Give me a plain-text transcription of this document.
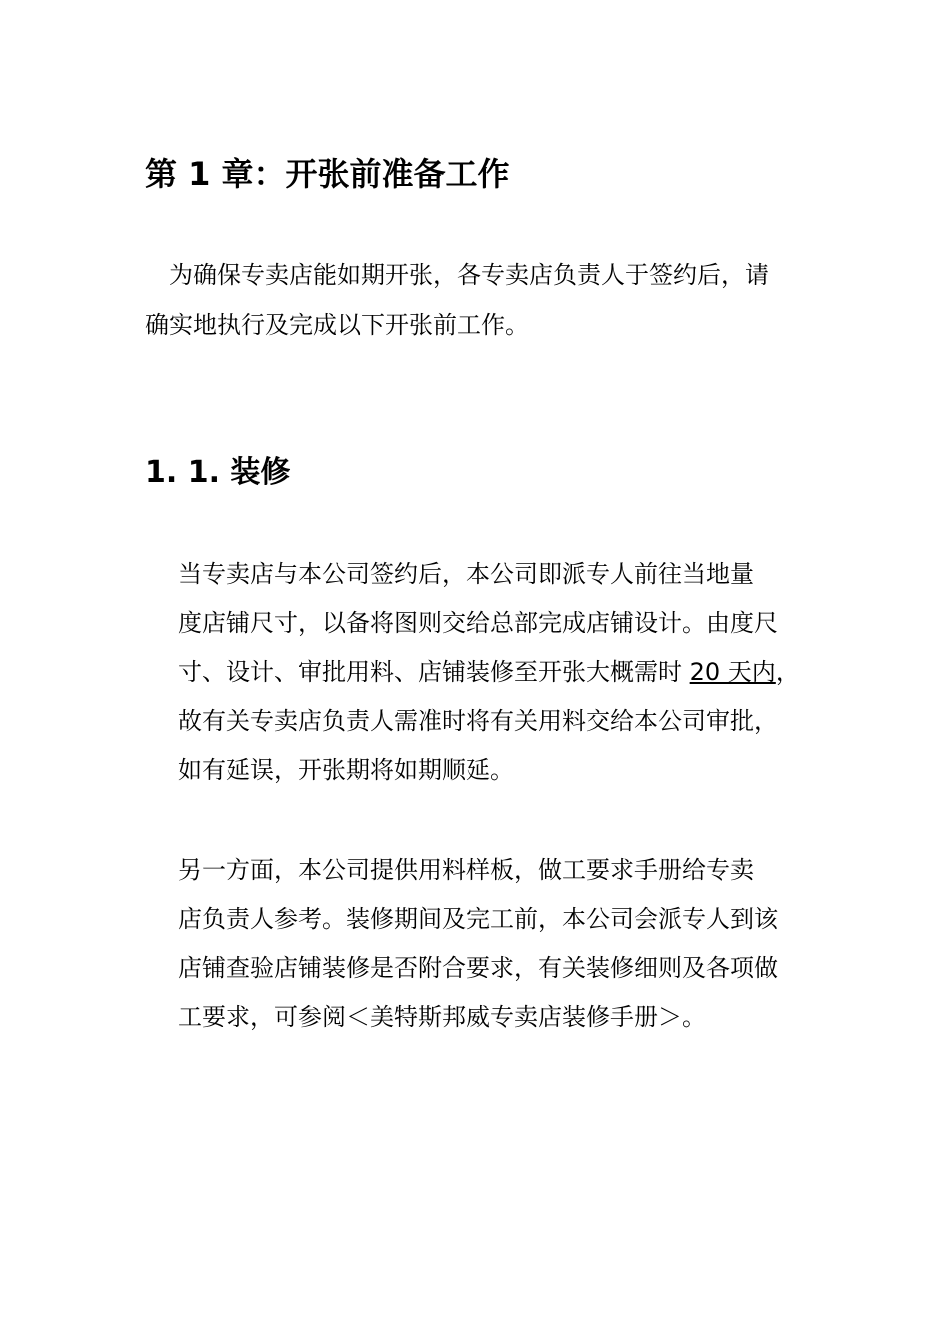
第 1 章：开张前准备工作

　为确保专卖店能如期开张，各专卖店负责人于签约后，请
确实地执行及完成以下开张前工作。

1. 1. 装修

当专卖店与本公司签约后，本公司即派专人前往当地量
度店铺尺寸，以备将图则交给总部完成店铺设计。由度尺
寸、设计、审批用料、店铺装修至开张大概需时 20 天内，
故有关专卖店负责人需准时将有关用料交给本公司审批，
如有延误，开张期将如期顺延。

另一方面，本公司提供用料样板，做工要求手册给专卖
店负责人参考。装修期间及完工前，本公司会派专人到该
店铺查验店铺装修是否附合要求，有关装修细则及各项做
工要求，可参阅＜美特斯邦威专卖店装修手册＞。
